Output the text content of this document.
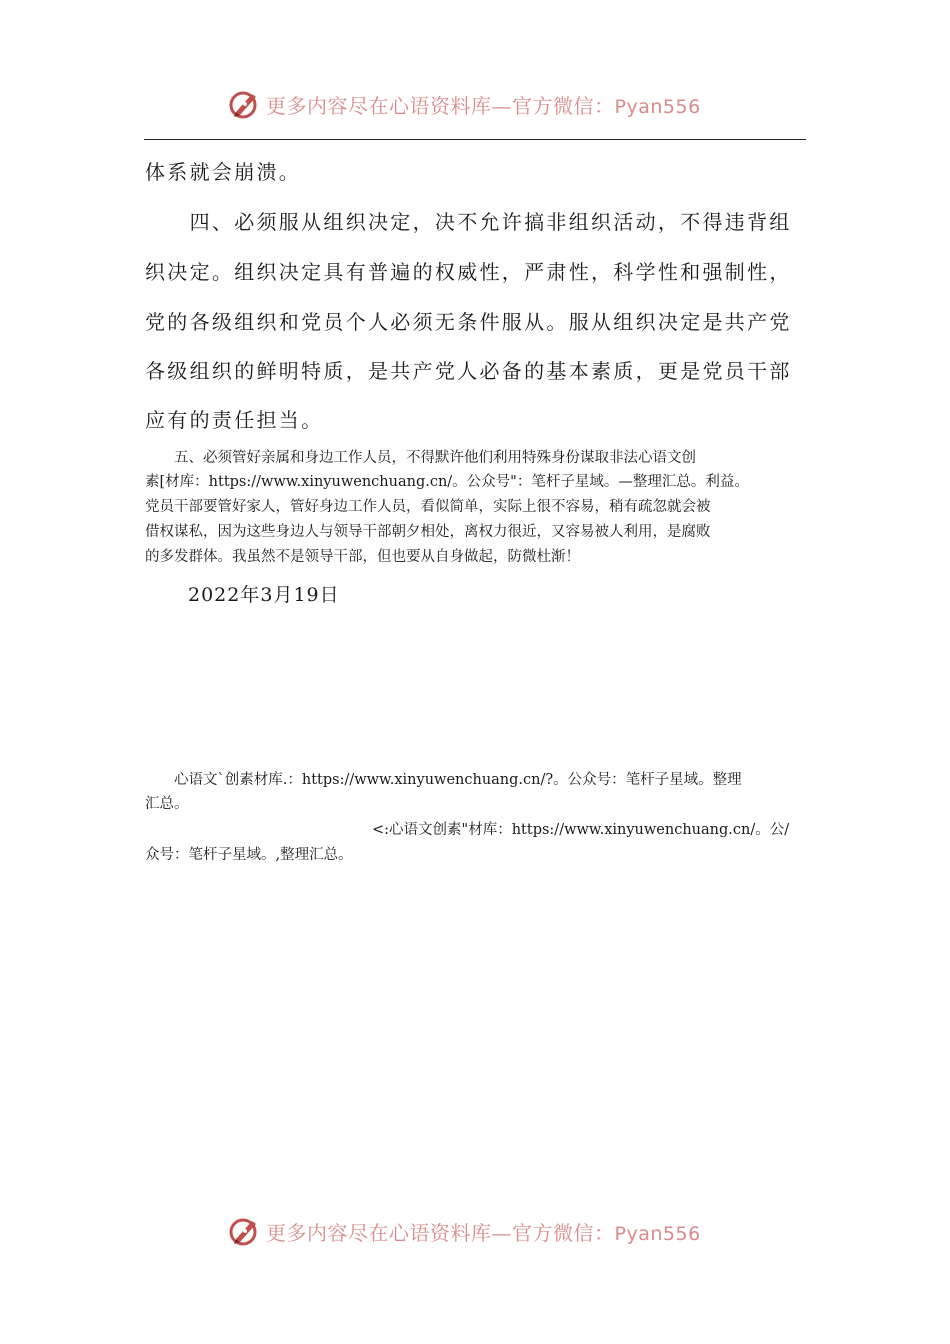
更多内容尽在心语资料库—官方微信：Pyan556
体系就会崩溃。
　　四、必须服从组织决定，决不允许搞非组织活动，不得违背组
织决定。组织决定具有普遍的权威性，严肃性，科学性和强制性，
党的各级组织和党员个人必须无条件服从。服从组织决定是共产党
各级组织的鲜明特质，是共产党人必备的基本素质，更是党员干部
应有的责任担当。
　　五、必须管好亲属和身边工作人员，不得默许他们利用特殊身份谋取非法心语文创
素[材库：https://www.xinyuwenchuang.cn/。公众号"：笔杆子星域。—整理汇总。利益。
党员干部要管好家人，管好身边工作人员，看似简单，实际上很不容易，稍有疏忽就会被
借权谋私，因为这些身边人与领导干部朝夕相处，离权力很近，又容易被人利用，是腐败
的多发群体。我虽然不是领导干部，但也要从自身做起，防微杜渐！
2022年3月19日
　　心语文`创素材库.：https://www.xinyuwenchuang.cn/?。公众号：笔杆子星域。整理
汇总。
<:心语文创素"材库：https://www.xinyuwenchuang.cn/。公/
众号：笔杆子星域。,整理汇总。
更多内容尽在心语资料库—官方微信：Pyan556
